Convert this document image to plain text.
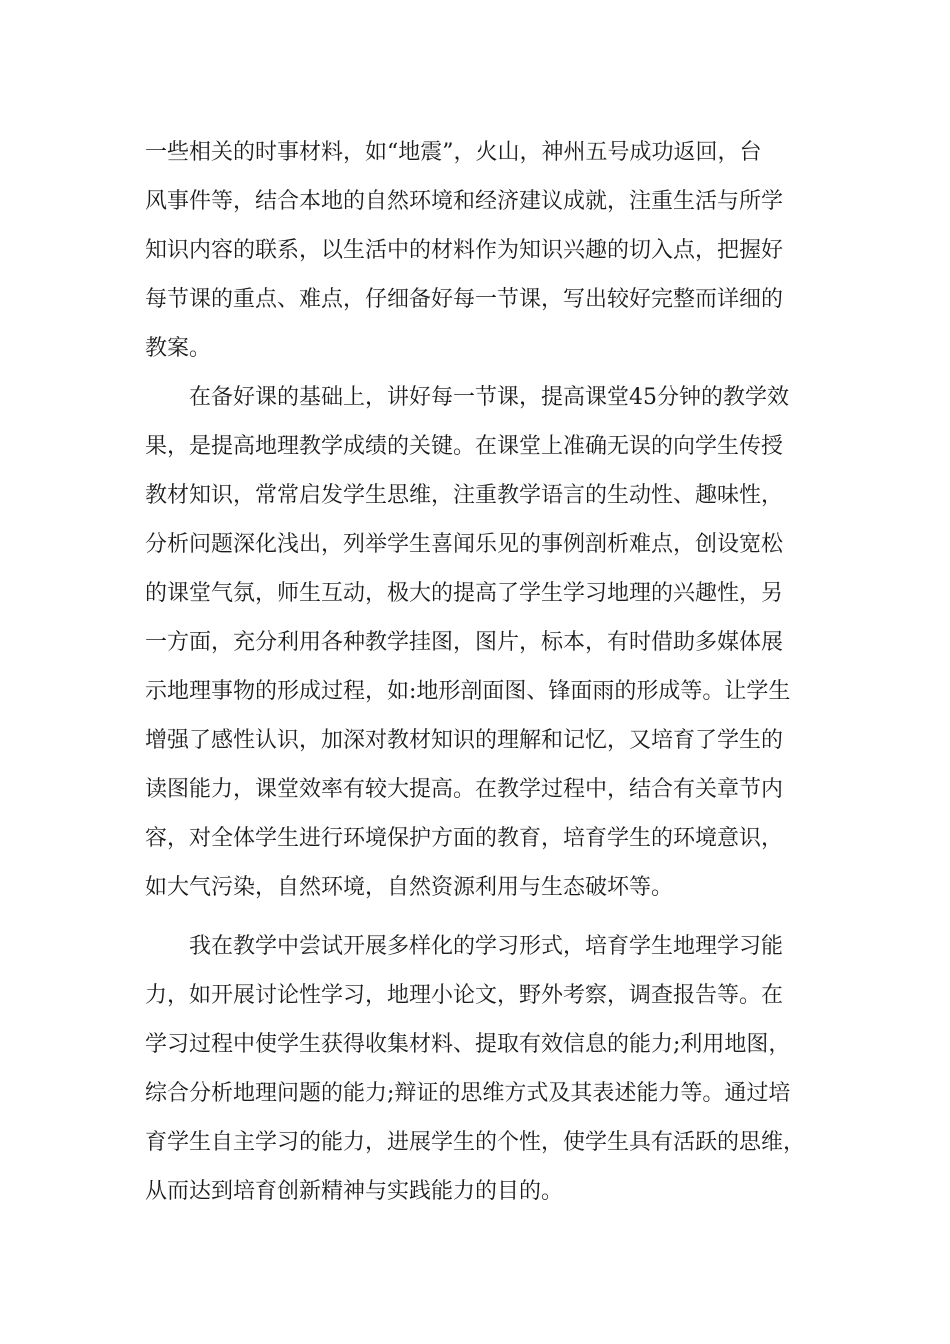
一些相关的时事材料，如“地震”，火山，神州五号成功返回，台
风事件等，结合本地的自然环境和经济建议成就，注重生活与所学
知识内容的联系，以生活中的材料作为知识兴趣的切入点，把握好
每节课的重点、难点，仔细备好每一节课，写出较好完整而详细的
教案。
在备好课的基础上，讲好每一节课，提高课堂45分钟的教学效
果，是提高地理教学成绩的关键。在课堂上准确无误的向学生传授
教材知识，常常启发学生思维，注重教学语言的生动性、趣味性，
分析问题深化浅出，列举学生喜闻乐见的事例剖析难点，创设宽松
的课堂气氛，师生互动，极大的提高了学生学习地理的兴趣性，另
一方面，充分利用各种教学挂图，图片，标本，有时借助多媒体展
示地理事物的形成过程，如:地形剖面图、锋面雨的形成等。让学生
增强了感性认识，加深对教材知识的理解和记忆，又培育了学生的
读图能力，课堂效率有较大提高。在教学过程中，结合有关章节内
容，对全体学生进行环境保护方面的教育，培育学生的环境意识，
如大气污染，自然环境，自然资源利用与生态破坏等。
我在教学中尝试开展多样化的学习形式，培育学生地理学习能
力，如开展讨论性学习，地理小论文，野外考察，调查报告等。在
学习过程中使学生获得收集材料、提取有效信息的能力;利用地图，
综合分析地理问题的能力;辩证的思维方式及其表述能力等。通过培
育学生自主学习的能力，进展学生的个性，使学生具有活跃的思维，
从而达到培育创新精神与实践能力的目的。
